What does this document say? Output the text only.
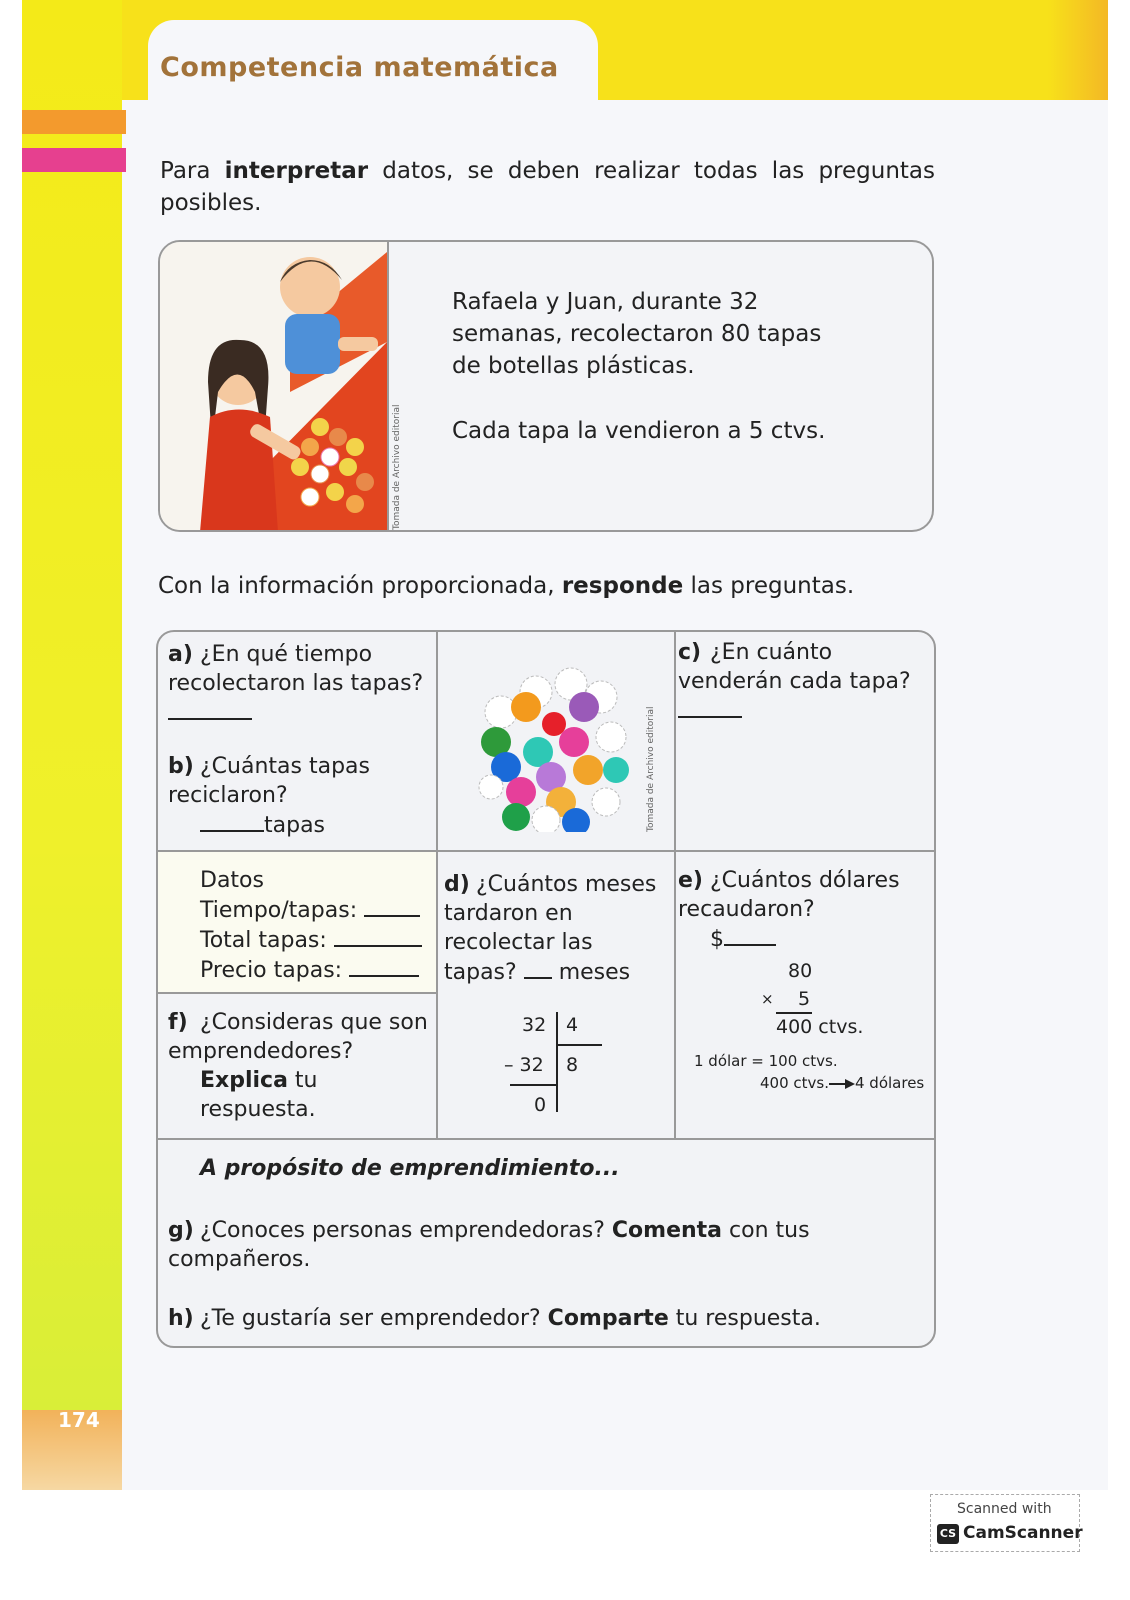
174
Competencia matemática
Para interpretar datos, se deben realizar todas las preguntas posibles.
Tomada de Archivo editorial

Rafaela y Juan, durante 32 semanas, recolectaron 80 tapas de botellas plásticas.

Cada tapa la vendieron a 5 ctvs.

Con la información proporcionada, responde las preguntas.
a) ¿En qué tiempo recolectaron las tapas?
b) ¿Cuántas tapas reciclaron?
tapas	Tomada de Archivo editorial
c) ¿En cuánto venderán cada tapa?
Datos
Tiempo/tapas:
Total tapas:
Precio tapas:
d) ¿Cuántos meses tardaron en recolectar las tapas? meses
e) ¿Cuántos dólares recaudaron?
$
80
× 5
400 ctvs.
1 dólar = 100 ctvs.
400 ctvs. 4 dólares
f) ¿Consideras que son emprendedores?
Explica tu respuesta.
32 4
– 32 8
0
A propósito de emprendimiento...
g) ¿Conoces personas emprendedoras? Comenta con tus compañeros.
h) ¿Te gustaría ser emprendedor? Comparte tu respuesta.
Scanned with
CS CamScanner
